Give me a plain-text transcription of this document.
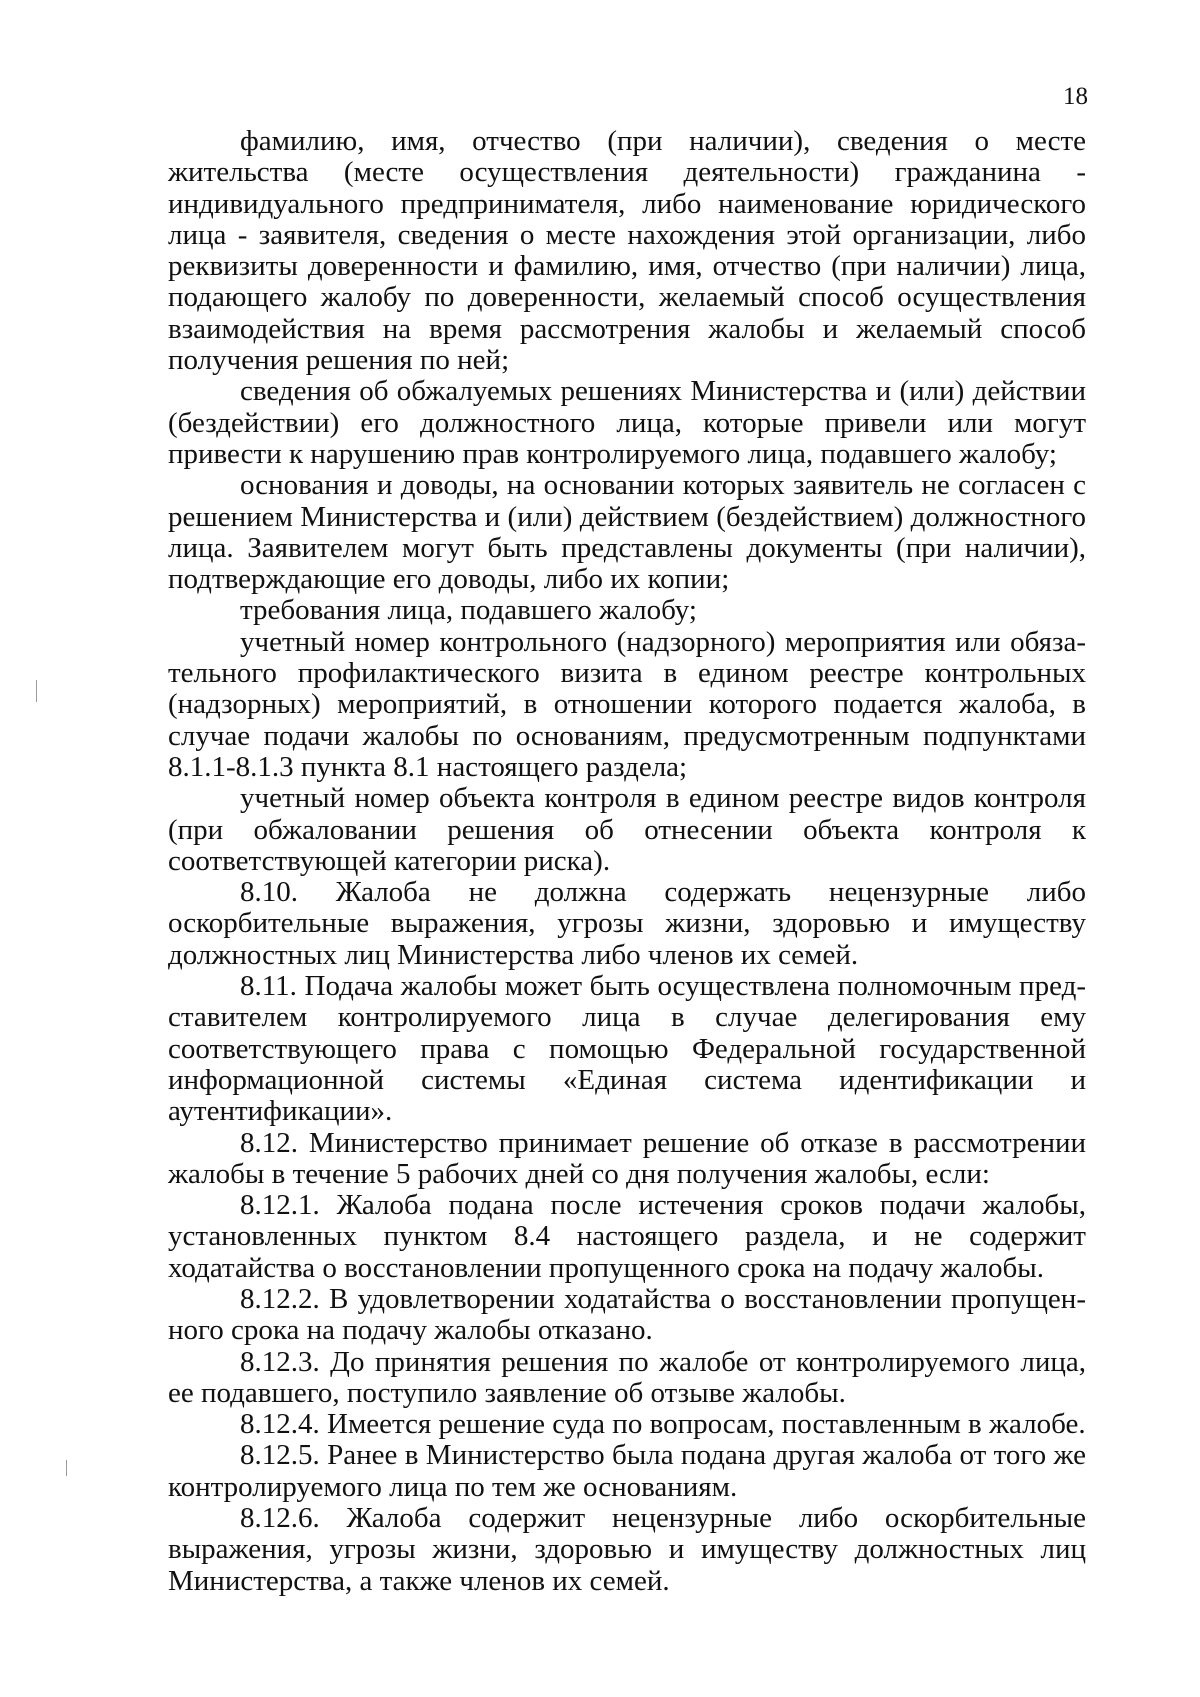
18

фамилию, имя, отчество (при наличии), сведения о месте жительства (месте осуществления деятельности) гражданина - индивидуального предпринимателя, либо наименование юридического лица - заявителя, сведения о месте нахождения этой организации, либо реквизиты доверенности и фамилию, имя, отчество (при наличии) лица, подающего жалобу по доверенности, желаемый способ осуществления взаимодействия на время рассмотрения жалобы и желаемый способ получения решения по ней;

сведения об обжалуемых решениях Министерства и (или) действии (бездействии) его должностного лица, которые привели или могут привести к нарушению прав контролируемого лица, подавшего жалобу;

основания и доводы, на основании которых заявитель не согласен с решением Министерства и (или) действием (бездействием) должностного лица. Заявителем могут быть представлены документы (при наличии), подтверждающие его доводы, либо их копии;

требования лица, подавшего жалобу;

учетный номер контрольного (надзорного) мероприятия или обязательного профилактического визита в едином реестре контрольных (надзорных) мероприятий, в отношении которого подается жалоба, в случае подачи жалобы по основаниям, предусмотренным подпунктами 8.1.1-8.1.3 пункта 8.1 настоящего раздела;

учетный номер объекта контроля в едином реестре видов контроля (при обжаловании решения об отнесении объекта контроля к соответствующей категории риска).

8.10. Жалоба не должна содержать нецензурные либо оскорбительные выражения, угрозы жизни, здоровью и имуществу должностных лиц Министерства либо членов их семей.

8.11. Подача жалобы может быть осуществлена полномочным представителем контролируемого лица в случае делегирования ему соответствующего права с помощью Федеральной государственной информационной системы «Единая система идентификации и аутентификации».

8.12. Министерство принимает решение об отказе в рассмотрении жалобы в течение 5 рабочих дней со дня получения жалобы, если:

8.12.1. Жалоба подана после истечения сроков подачи жалобы, установленных пунктом 8.4 настоящего раздела, и не содержит ходатайства о восстановлении пропущенного срока на подачу жалобы.

8.12.2. В удовлетворении ходатайства о восстановлении пропущенного срока на подачу жалобы отказано.

8.12.3. До принятия решения по жалобе от контролируемого лица, ее подавшего, поступило заявление об отзыве жалобы.

8.12.4. Имеется решение суда по вопросам, поставленным в жалобе.

8.12.5. Ранее в Министерство была подана другая жалоба от того же контролируемого лица по тем же основаниям.

8.12.6. Жалоба содержит нецензурные либо оскорбительные выражения, угрозы жизни, здоровью и имуществу должностных лиц Министерства, а также членов их семей.
